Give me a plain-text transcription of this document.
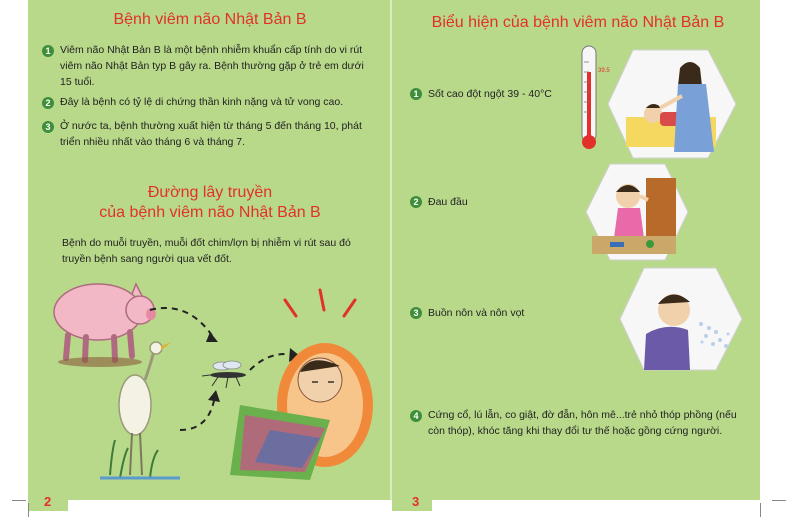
Bệnh viêm não Nhật Bản B
1 Viêm não Nhật Bản B là một bệnh nhiễm khuẩn cấp tính do vi rút viêm não Nhật Bản typ B gây ra. Bệnh thường gặp ở trẻ em dưới 15 tuổi.
2 Đây là bệnh có tỷ lệ di chứng thần kinh nặng và tử vong cao.
3 Ở nước ta, bệnh thường xuất hiện từ tháng 5 đến tháng 10, phát triển nhiều nhất vào tháng 6 và tháng 7.
Đường lây truyền
của bệnh viêm não Nhật Bản B
Bệnh do muỗi truyền, muỗi đốt chim/lợn bị nhiễm vi rút sau đó truyền bệnh sang người qua vết đốt.
2
Biểu hiện của bệnh viêm não Nhật Bản B
1 Sốt cao đột ngột 39 - 40°C
2 Đau đầu
3 Buồn nôn và nôn vọt
4 Cứng cổ, lú lẫn, co giật, đờ đẫn, hôn mê...trẻ nhỏ thóp phồng (nếu còn thóp), khóc tăng khi thay đổi tư thế hoặc gồng cứng người.
39.5
3
